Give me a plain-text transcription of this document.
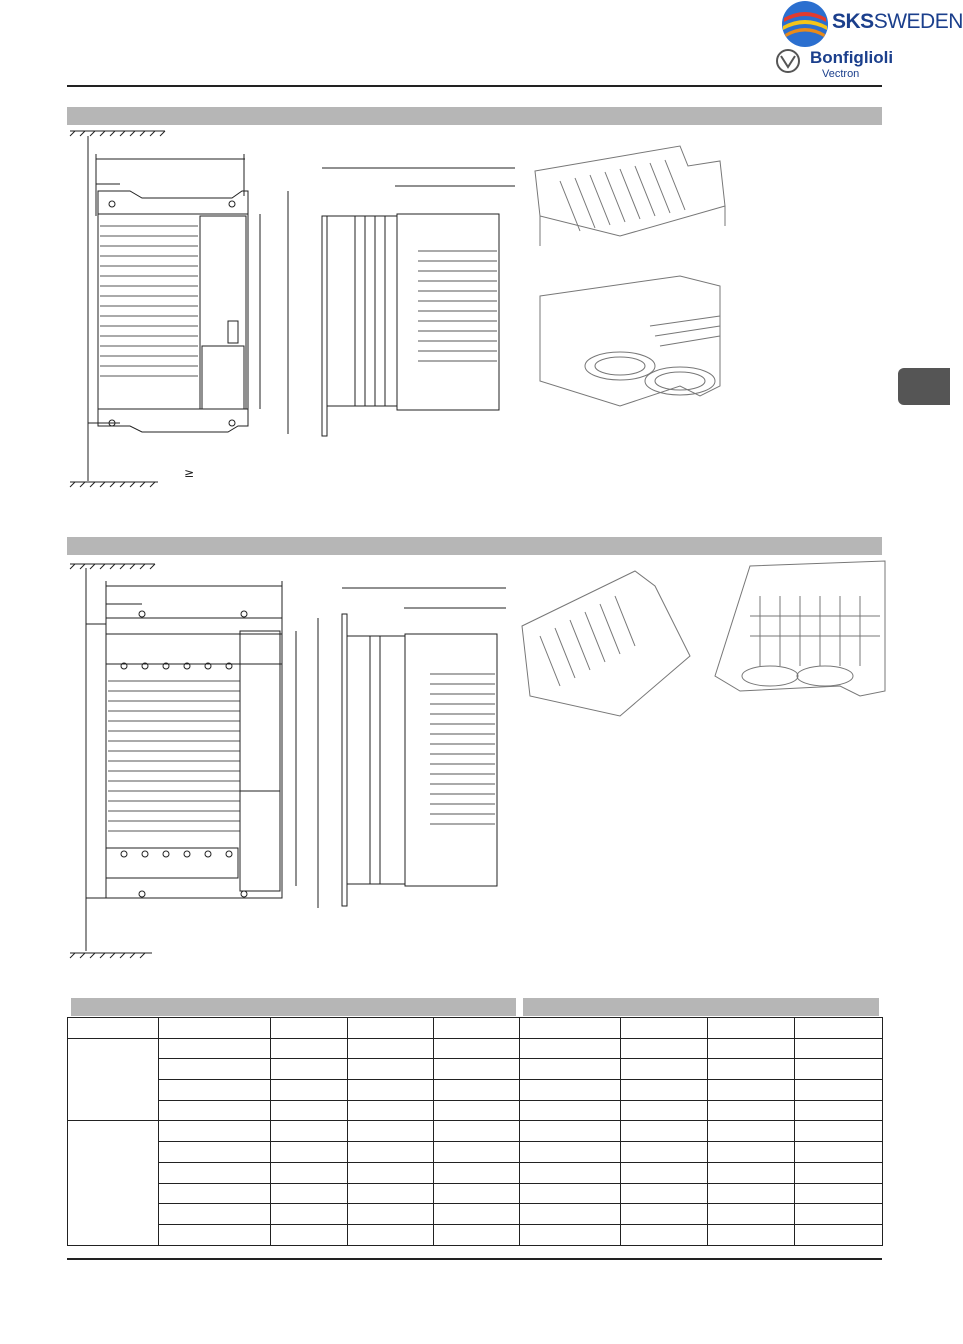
SKSSWEDEN
Bonfiglioli
Vectron
≥
